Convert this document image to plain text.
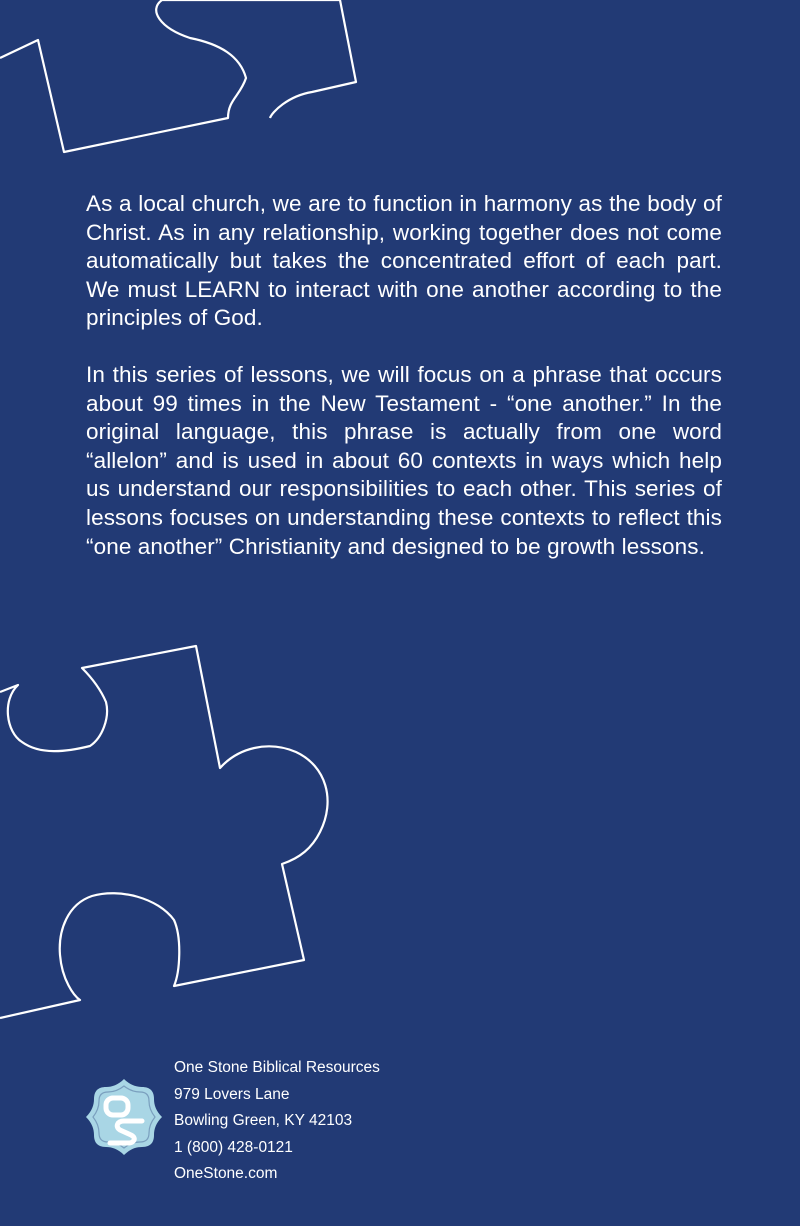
As a local church, we are to function in harmony as the body of Christ. As in any relationship, working together does not come automatically but takes the concentrated effort of each part. We must LEARN to interact with one another according to the principles of God.

In this series of lessons, we will focus on a phrase that occurs about 99 times in the New Testament - “one another.” In the original language, this phrase is actually from one word “allelon” and is used in about 60 contexts in ways which help us understand our responsibilities to each other. This series of lessons focuses on understanding these contexts to reflect this “one another” Christianity and designed to be growth lessons.

One Stone Biblical Resources
979 Lovers Lane
Bowling Green, KY 42103
1 (800) 428-0121
OneStone.com
